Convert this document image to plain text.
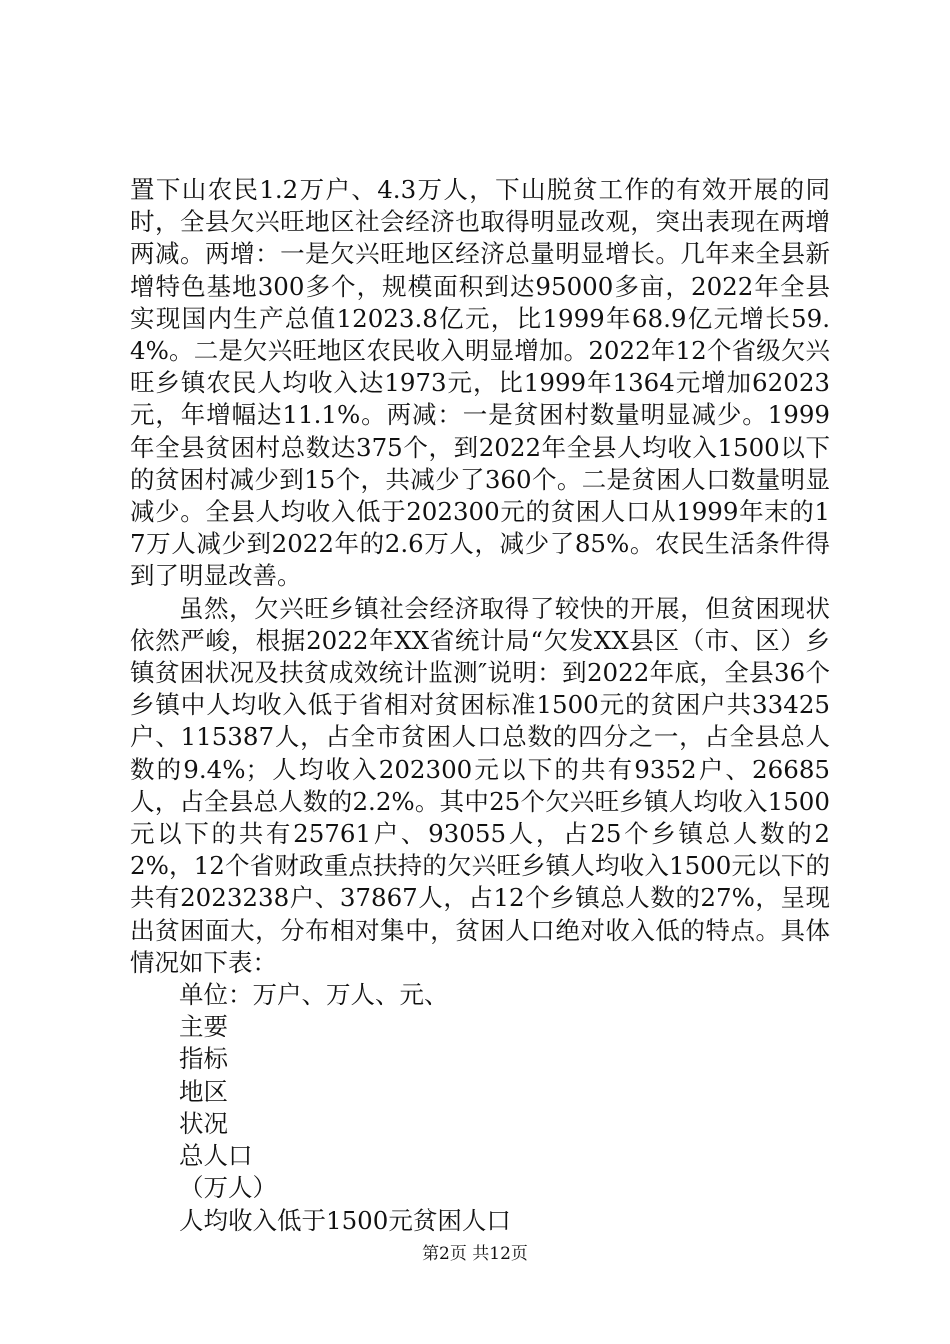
置下山农民1.2万户、4.3万人，下山脱贫工作的有效开展的同时，全县欠兴旺地区社会经济也取得明显改观，突出表现在两增两减。两增：一是欠兴旺地区经济总量明显增长。几年来全县新增特色基地300多个，规模面积到达95000多亩，2022年全县实现国内生产总值12023.8亿元，比1999年68.9亿元增长59.4%。二是欠兴旺地区农民收入明显增加。2022年12个省级欠兴旺乡镇农民人均收入达1973元，比1999年1364元增加62023元，年增幅达11.1%。两减：一是贫困村数量明显减少。1999年全县贫困村总数达375个，到2022年全县人均收入1500以下的贫困村减少到15个，共减少了360个。二是贫困人口数量明显减少。全县人均收入低于202300元的贫困人口从1999年末的17万人减少到2022年的2.6万人，减少了85%。农民生活条件得到了明显改善。

虽然，欠兴旺乡镇社会经济取得了较快的开展，但贫困现状依然严峻，根据2022年XX省统计局“欠发XX县区（市、区）乡镇贫困状况及扶贫成效统计监测″说明：到2022年底，全县36个乡镇中人均收入低于省相对贫困标准1500元的贫困户共33425户、115387人，占全市贫困人口总数的四分之一，占全县总人数的9.4%；人均收入202300元以下的共有9352户、26685人，占全县总人数的2.2%。其中25个欠兴旺乡镇人均收入1500元以下的共有25761户、93055人，占25个乡镇总人数的22%，12个省财政重点扶持的欠兴旺乡镇人均收入1500元以下的共有2023238户、37867人，占12个乡镇总人数的27%，呈现出贫困面大，分布相对集中，贫困人口绝对收入低的特点。具体情况如下表：

单位：万户、万人、元、

主要

指标

地区

状况

总人口

（万人）

人均收入低于1500元贫困人口

第2页 共12页
